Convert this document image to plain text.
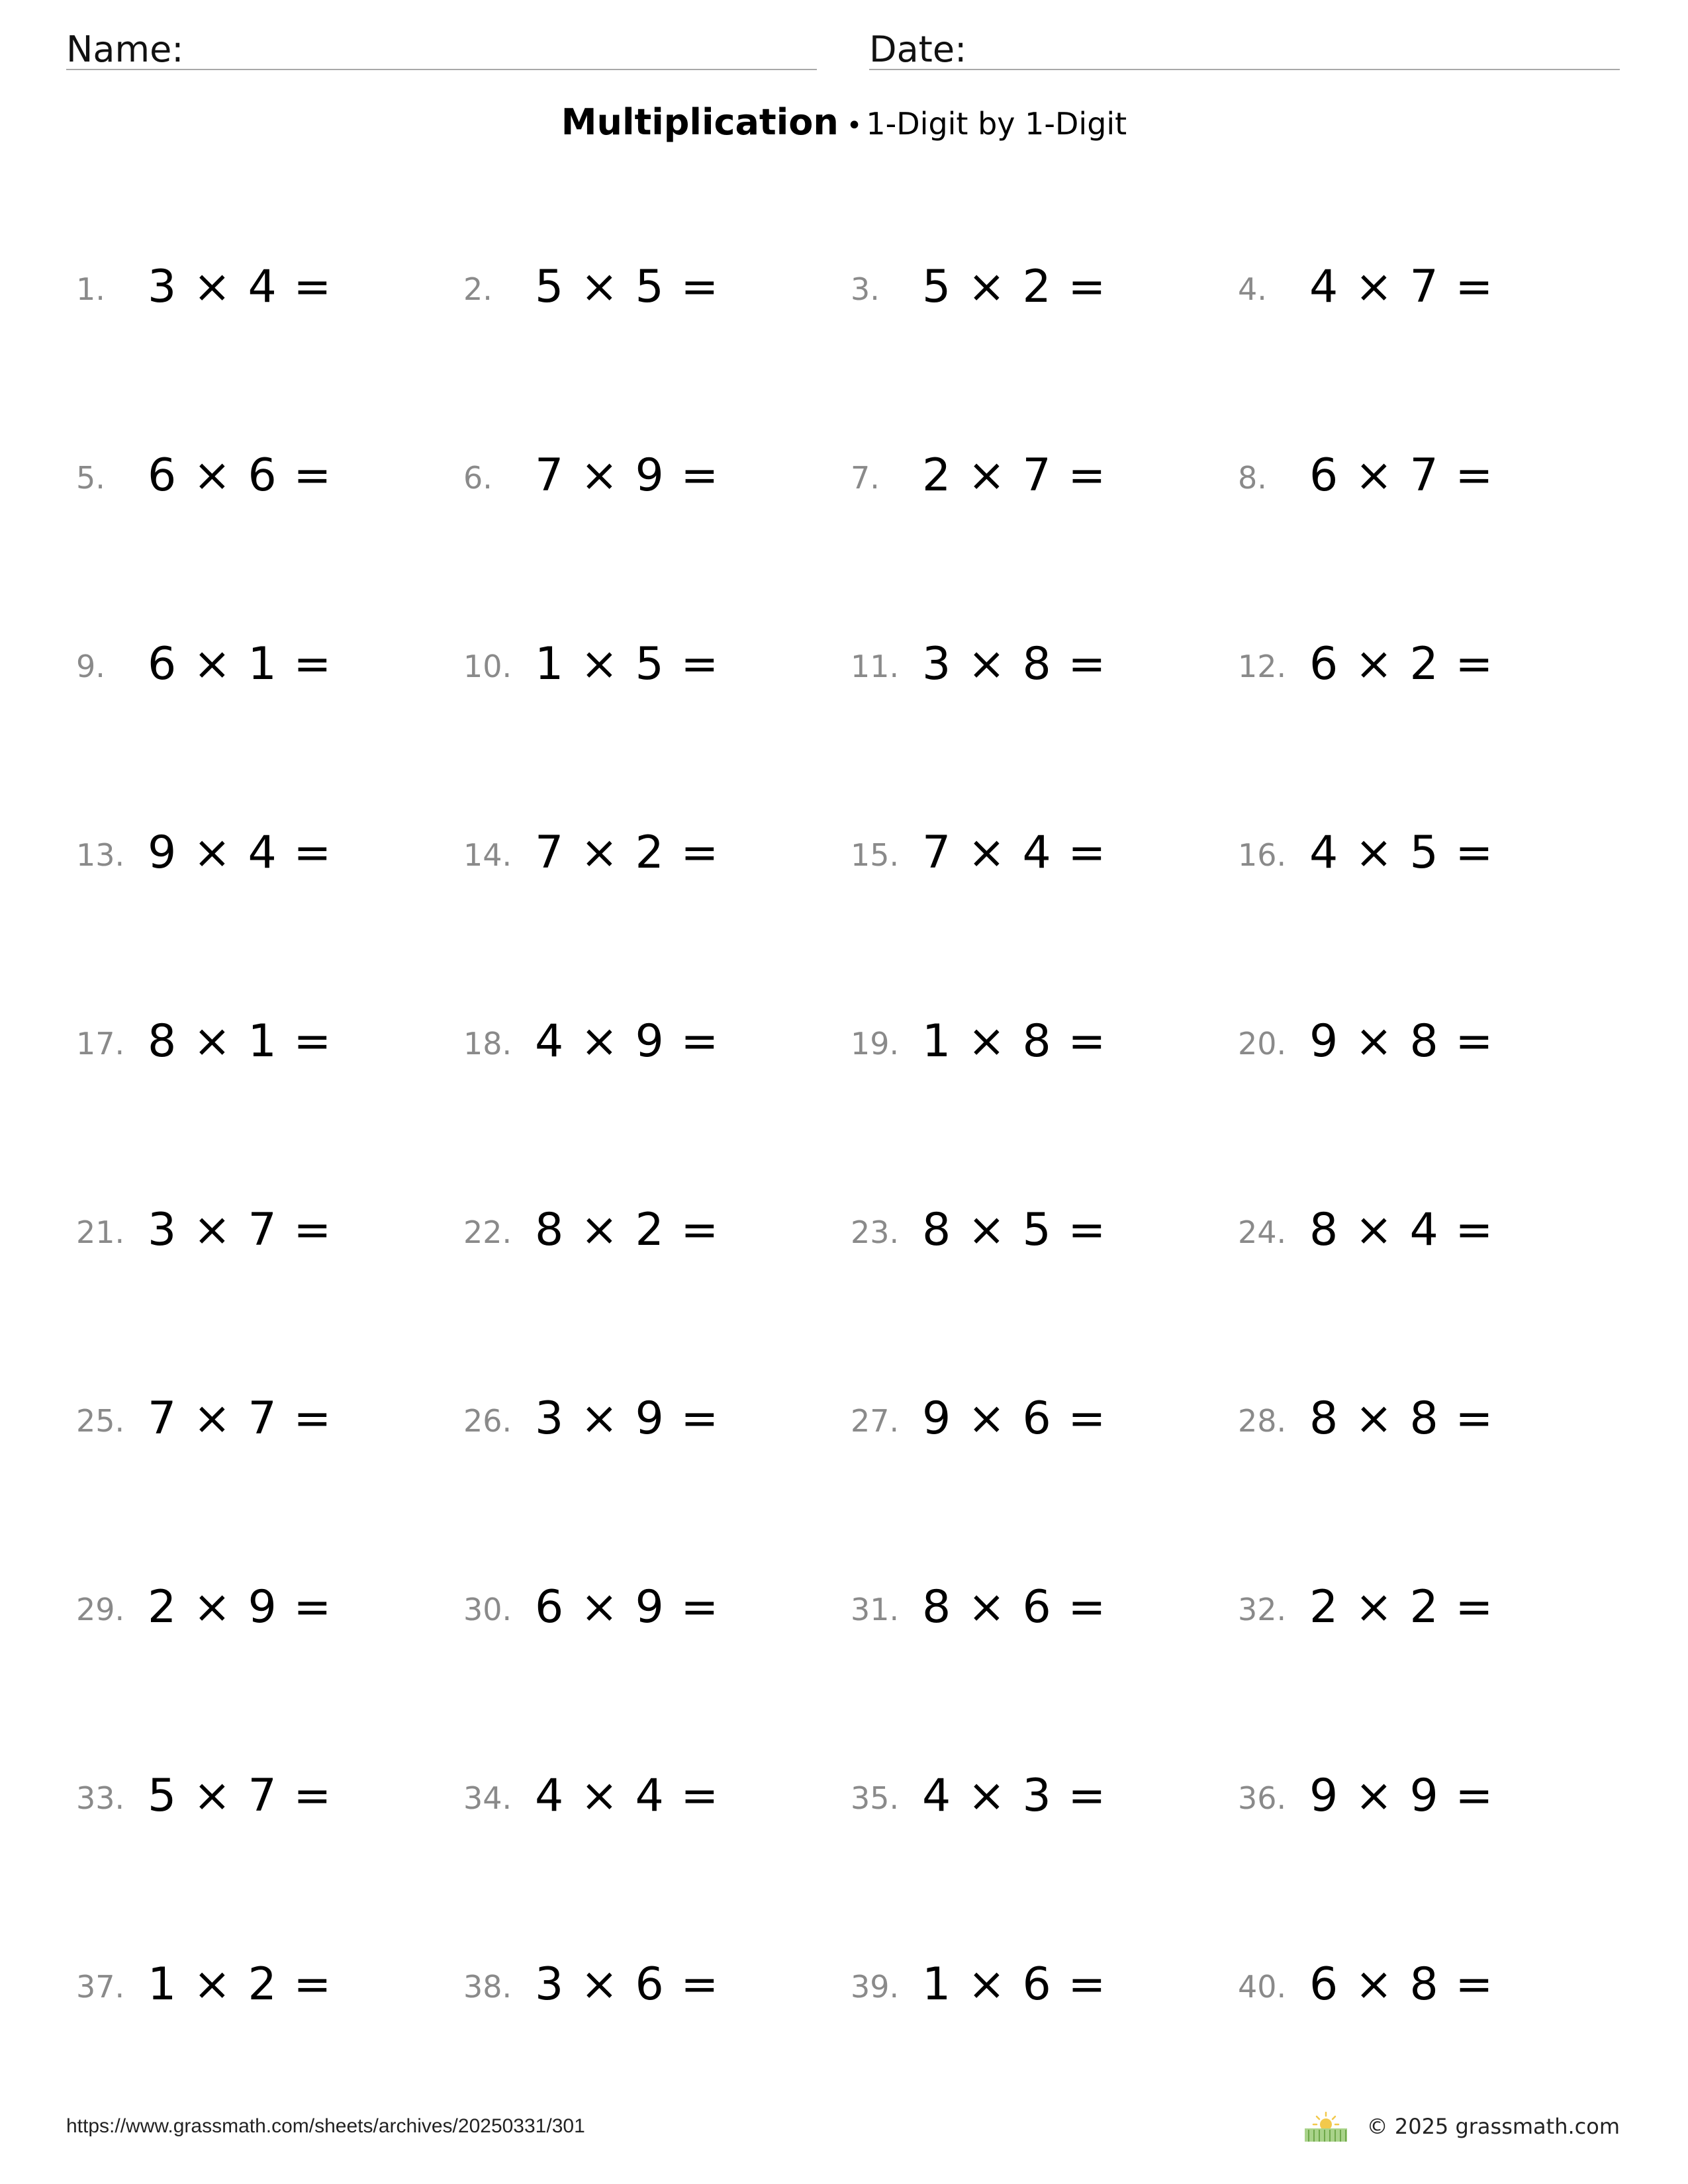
Name:	Date:
Multiplication • 1-Digit by 1-Digit
1. 3 × 4 =	2. 5 × 5 =	3. 5 × 2 =	4. 4 × 7 =
5. 6 × 6 =	6. 7 × 9 =	7. 2 × 7 =	8. 6 × 7 =
9. 6 × 1 =	10. 1 × 5 =	11. 3 × 8 =	12. 6 × 2 =
13. 9 × 4 =	14. 7 × 2 =	15. 7 × 4 =	16. 4 × 5 =
17. 8 × 1 =	18. 4 × 9 =	19. 1 × 8 =	20. 9 × 8 =
21. 3 × 7 =	22. 8 × 2 =	23. 8 × 5 =	24. 8 × 4 =
25. 7 × 7 =	26. 3 × 9 =	27. 9 × 6 =	28. 8 × 8 =
29. 2 × 9 =	30. 6 × 9 =	31. 8 × 6 =	32. 2 × 2 =
33. 5 × 7 =	34. 4 × 4 =	35. 4 × 3 =	36. 9 × 9 =
37. 1 × 2 =	38. 3 × 6 =	39. 1 × 6 =	40. 6 × 8 =
https://www.grassmath.com/sheets/archives/20250331/301	© 2025 grassmath.com
